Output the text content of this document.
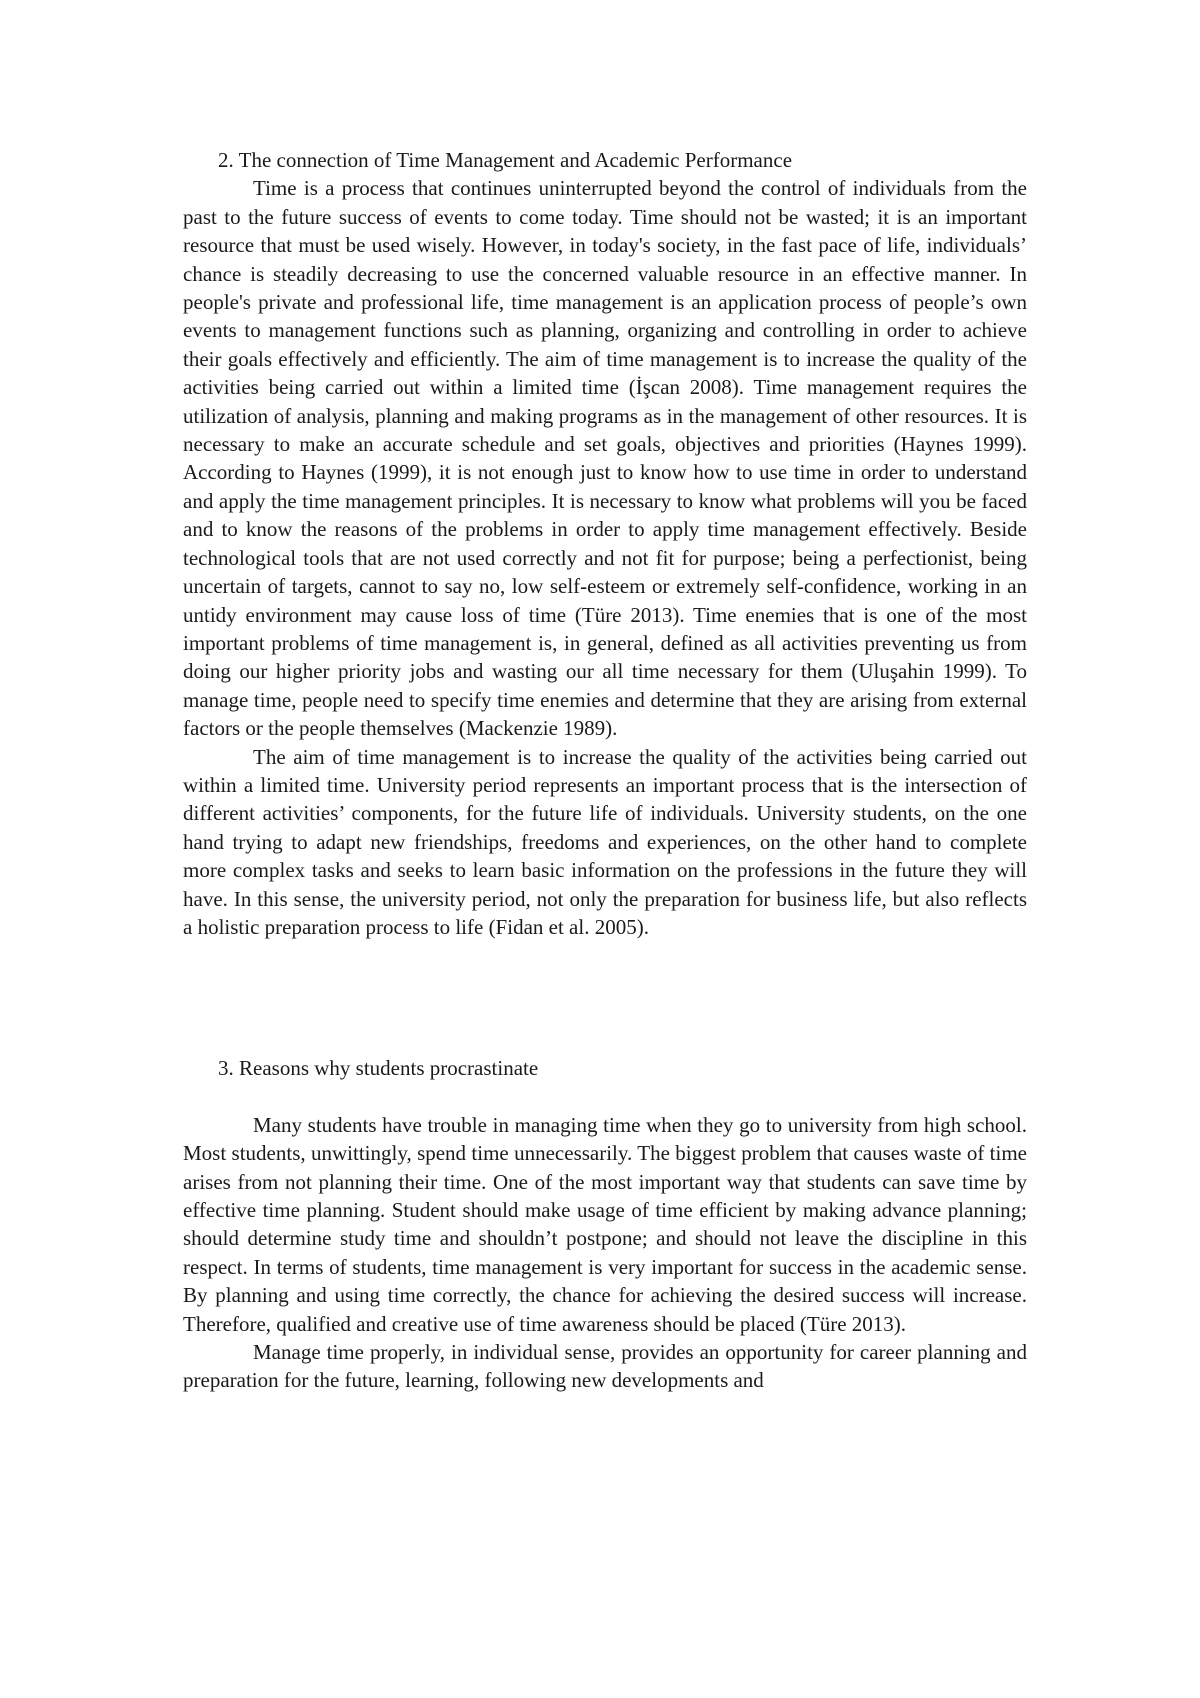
2. The connection of Time Management and Academic Performance

Time is a process that continues uninterrupted beyond the control of individuals from the past to the future success of events to come today. Time should not be wasted; it is an important resource that must be used wisely. However, in today's society, in the fast pace of life, individuals’ chance is steadily decreasing to use the concerned valuable resource in an effective manner. In people's private and professional life, time management is an application process of people’s own events to management functions such as planning, organizing and controlling in order to achieve their goals effectively and efficiently. The aim of time management is to increase the quality of the activities being carried out within a limited time (İşcan 2008). Time management requires the utilization of analysis, planning and making programs as in the management of other resources. It is necessary to make an accurate schedule and set goals, objectives and priorities (Haynes 1999). According to Haynes (1999), it is not enough just to know how to use time in order to understand and apply the time management principles. It is necessary to know what problems will you be faced and to know the reasons of the problems in order to apply time management effectively. Beside technological tools that are not used correctly and not fit for purpose; being a perfectionist, being uncertain of targets, cannot to say no, low self-esteem or extremely self-confidence, working in an untidy environment may cause loss of time (Türe 2013). Time enemies that is one of the most important problems of time management is, in general, defined as all activities preventing us from doing our higher priority jobs and wasting our all time necessary for them (Uluşahin 1999). To manage time, people need to specify time enemies and determine that they are arising from external factors or the people themselves (Mackenzie 1989).

The aim of time management is to increase the quality of the activities being carried out within a limited time. University period represents an important process that is the intersection of different activities’ components, for the future life of individuals. University students, on the one hand trying to adapt new friendships, freedoms and experiences, on the other hand to complete more complex tasks and seeks to learn basic information on the professions in the future they will have. In this sense, the university period, not only the preparation for business life, but also reflects a holistic preparation process to life (Fidan et al. 2005).

3. Reasons why students procrastinate

Many students have trouble in managing time when they go to university from high school. Most students, unwittingly, spend time unnecessarily. The biggest problem that causes waste of time arises from not planning their time. One of the most important way that students can save time by effective time planning. Student should make usage of time efficient by making advance planning; should determine study time and shouldn’t postpone; and should not leave the discipline in this respect. In terms of students, time management is very important for success in the academic sense. By planning and using time correctly, the chance for achieving the desired success will increase. Therefore, qualified and creative use of time awareness should be placed (Türe 2013).

Manage time properly, in individual sense, provides an opportunity for career planning and preparation for the future, learning, following new developments and
